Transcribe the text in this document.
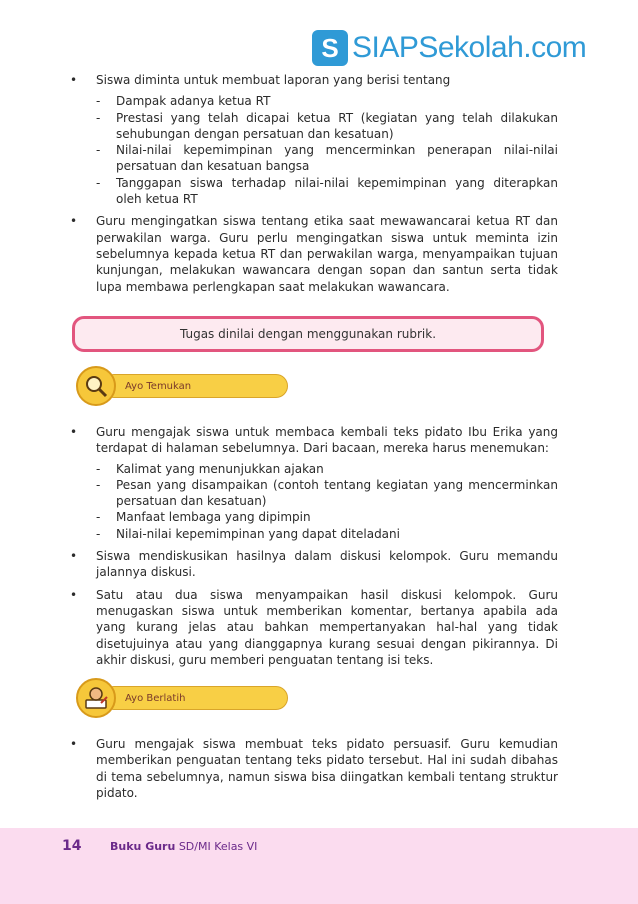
S SIAPSekolah.com
• Siswa diminta untuk membuat laporan yang berisi tentang
- Dampak adanya ketua RT
- Prestasi yang telah dicapai ketua RT (kegiatan yang telah dilakukan sehubungan dengan persatuan dan kesatuan)
- Nilai-nilai kepemimpinan yang mencerminkan penerapan nilai-nilai persatuan dan kesatuan bangsa
- Tanggapan siswa terhadap nilai-nilai kepemimpinan yang diterapkan oleh ketua RT
• Guru mengingatkan siswa tentang etika saat mewawancarai ketua RT dan perwakilan warga. Guru perlu mengingatkan siswa untuk meminta izin sebelumnya kepada ketua RT dan perwakilan warga, menyampaikan tujuan kunjungan, melakukan wawancara dengan sopan dan santun serta tidak lupa membawa perlengkapan saat melakukan wawancara.
• Guru mengajak siswa untuk membaca kembali teks pidato Ibu Erika yang terdapat di halaman sebelumnya. Dari bacaan, mereka harus menemukan:
- Kalimat yang menunjukkan ajakan
- Pesan yang disampaikan (contoh tentang kegiatan yang mencerminkan persatuan dan kesatuan)
- Manfaat lembaga yang dipimpin
- Nilai-nilai kepemimpinan yang dapat diteladani
• Siswa mendiskusikan hasilnya dalam diskusi kelompok. Guru memandu jalannya diskusi.
• Satu atau dua siswa menyampaikan hasil diskusi kelompok. Guru menugaskan siswa untuk memberikan komentar, bertanya apabila ada yang kurang jelas atau bahkan mempertanyakan hal-hal yang tidak disetujuinya atau yang dianggapnya kurang sesuai dengan pikirannya. Di akhir diskusi, guru memberi penguatan tentang isi teks.
• Guru mengajak siswa membuat teks pidato persuasif. Guru kemudian memberikan penguatan tentang teks pidato tersebut. Hal ini sudah dibahas di tema sebelumnya, namun siswa bisa diingatkan kembali tentang struktur pidato.
Tugas dinilai dengan menggunakan rubrik.
Ayo Temukan
Ayo Berlatih
14	Buku Guru SD/MI Kelas VI
